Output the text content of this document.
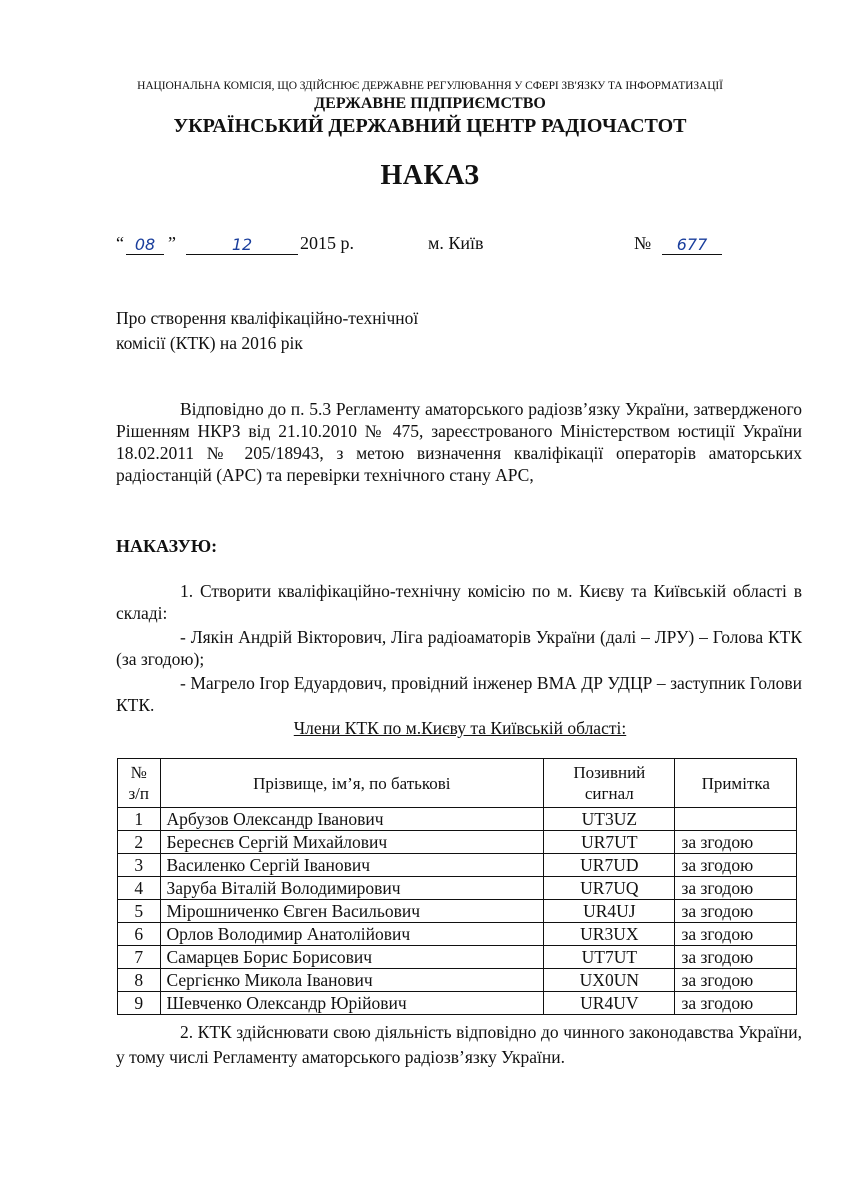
НАЦІОНАЛЬНА КОМІСІЯ, ЩО ЗДІЙСНЮЄ ДЕРЖАВНЕ РЕГУЛЮВАННЯ У СФЕРІ ЗВ'ЯЗКУ ТА ІНФОРМАТИЗАЦІЇ
ДЕРЖАВНЕ ПІДПРИЄМСТВО
УКРАЇНСЬКИЙ ДЕРЖАВНИЙ ЦЕНТР РАДІОЧАСТОТ
НАКАЗ
“ 08 ”	12	2015 р.	м. Київ	№	677
Про створення кваліфікаційно-технічної
комісії (КТК) на 2016 рік
Відповідно до п. 5.3 Регламенту аматорського радіозв’язку України, затвердженого Рішенням НКРЗ від 21.10.2010 № 475, зареєстрованого Міністерством юстиції України 18.02.2011 № 205/18943, з метою визначення кваліфікації операторів аматорських радіостанцій (АРС) та перевірки технічного стану АРС,
НАКАЗУЮ:
1. Створити кваліфікаційно-технічну комісію по м. Києву та Київській області в складі:
- Лякін Андрій Вікторович, Ліга радіоаматорів України (далі – ЛРУ) – Голова КТК (за згодою);
- Магрело Ігор Едуардович, провідний інженер ВМА ДР УДЦР – заступник Голови КТК.
Члени КТК по м.Києву та Київській області:
№ з/п	Прізвище, ім’я, по батькові	Позивний сигнал	Примітка
1	Арбузов Олександр Іванович	UT3UZ	
2	Береснєв Сергій Михайлович	UR7UT	за згодою
3	Василенко Сергій Іванович	UR7UD	за згодою
4	Заруба Віталій Володимирович	UR7UQ	за згодою
5	Мірошниченко Євген Васильович	UR4UJ	за згодою
6	Орлов Володимир Анатолійович	UR3UX	за згодою
7	Самарцев Борис Борисович	UT7UT	за згодою
8	Сергієнко Микола Іванович	UX0UN	за згодою
9	Шевченко Олександр Юрійович	UR4UV	за згодою
2. КТК здійснювати свою діяльність відповідно до чинного законодавства України, у тому числі Регламенту аматорського радіозв’язку України.
